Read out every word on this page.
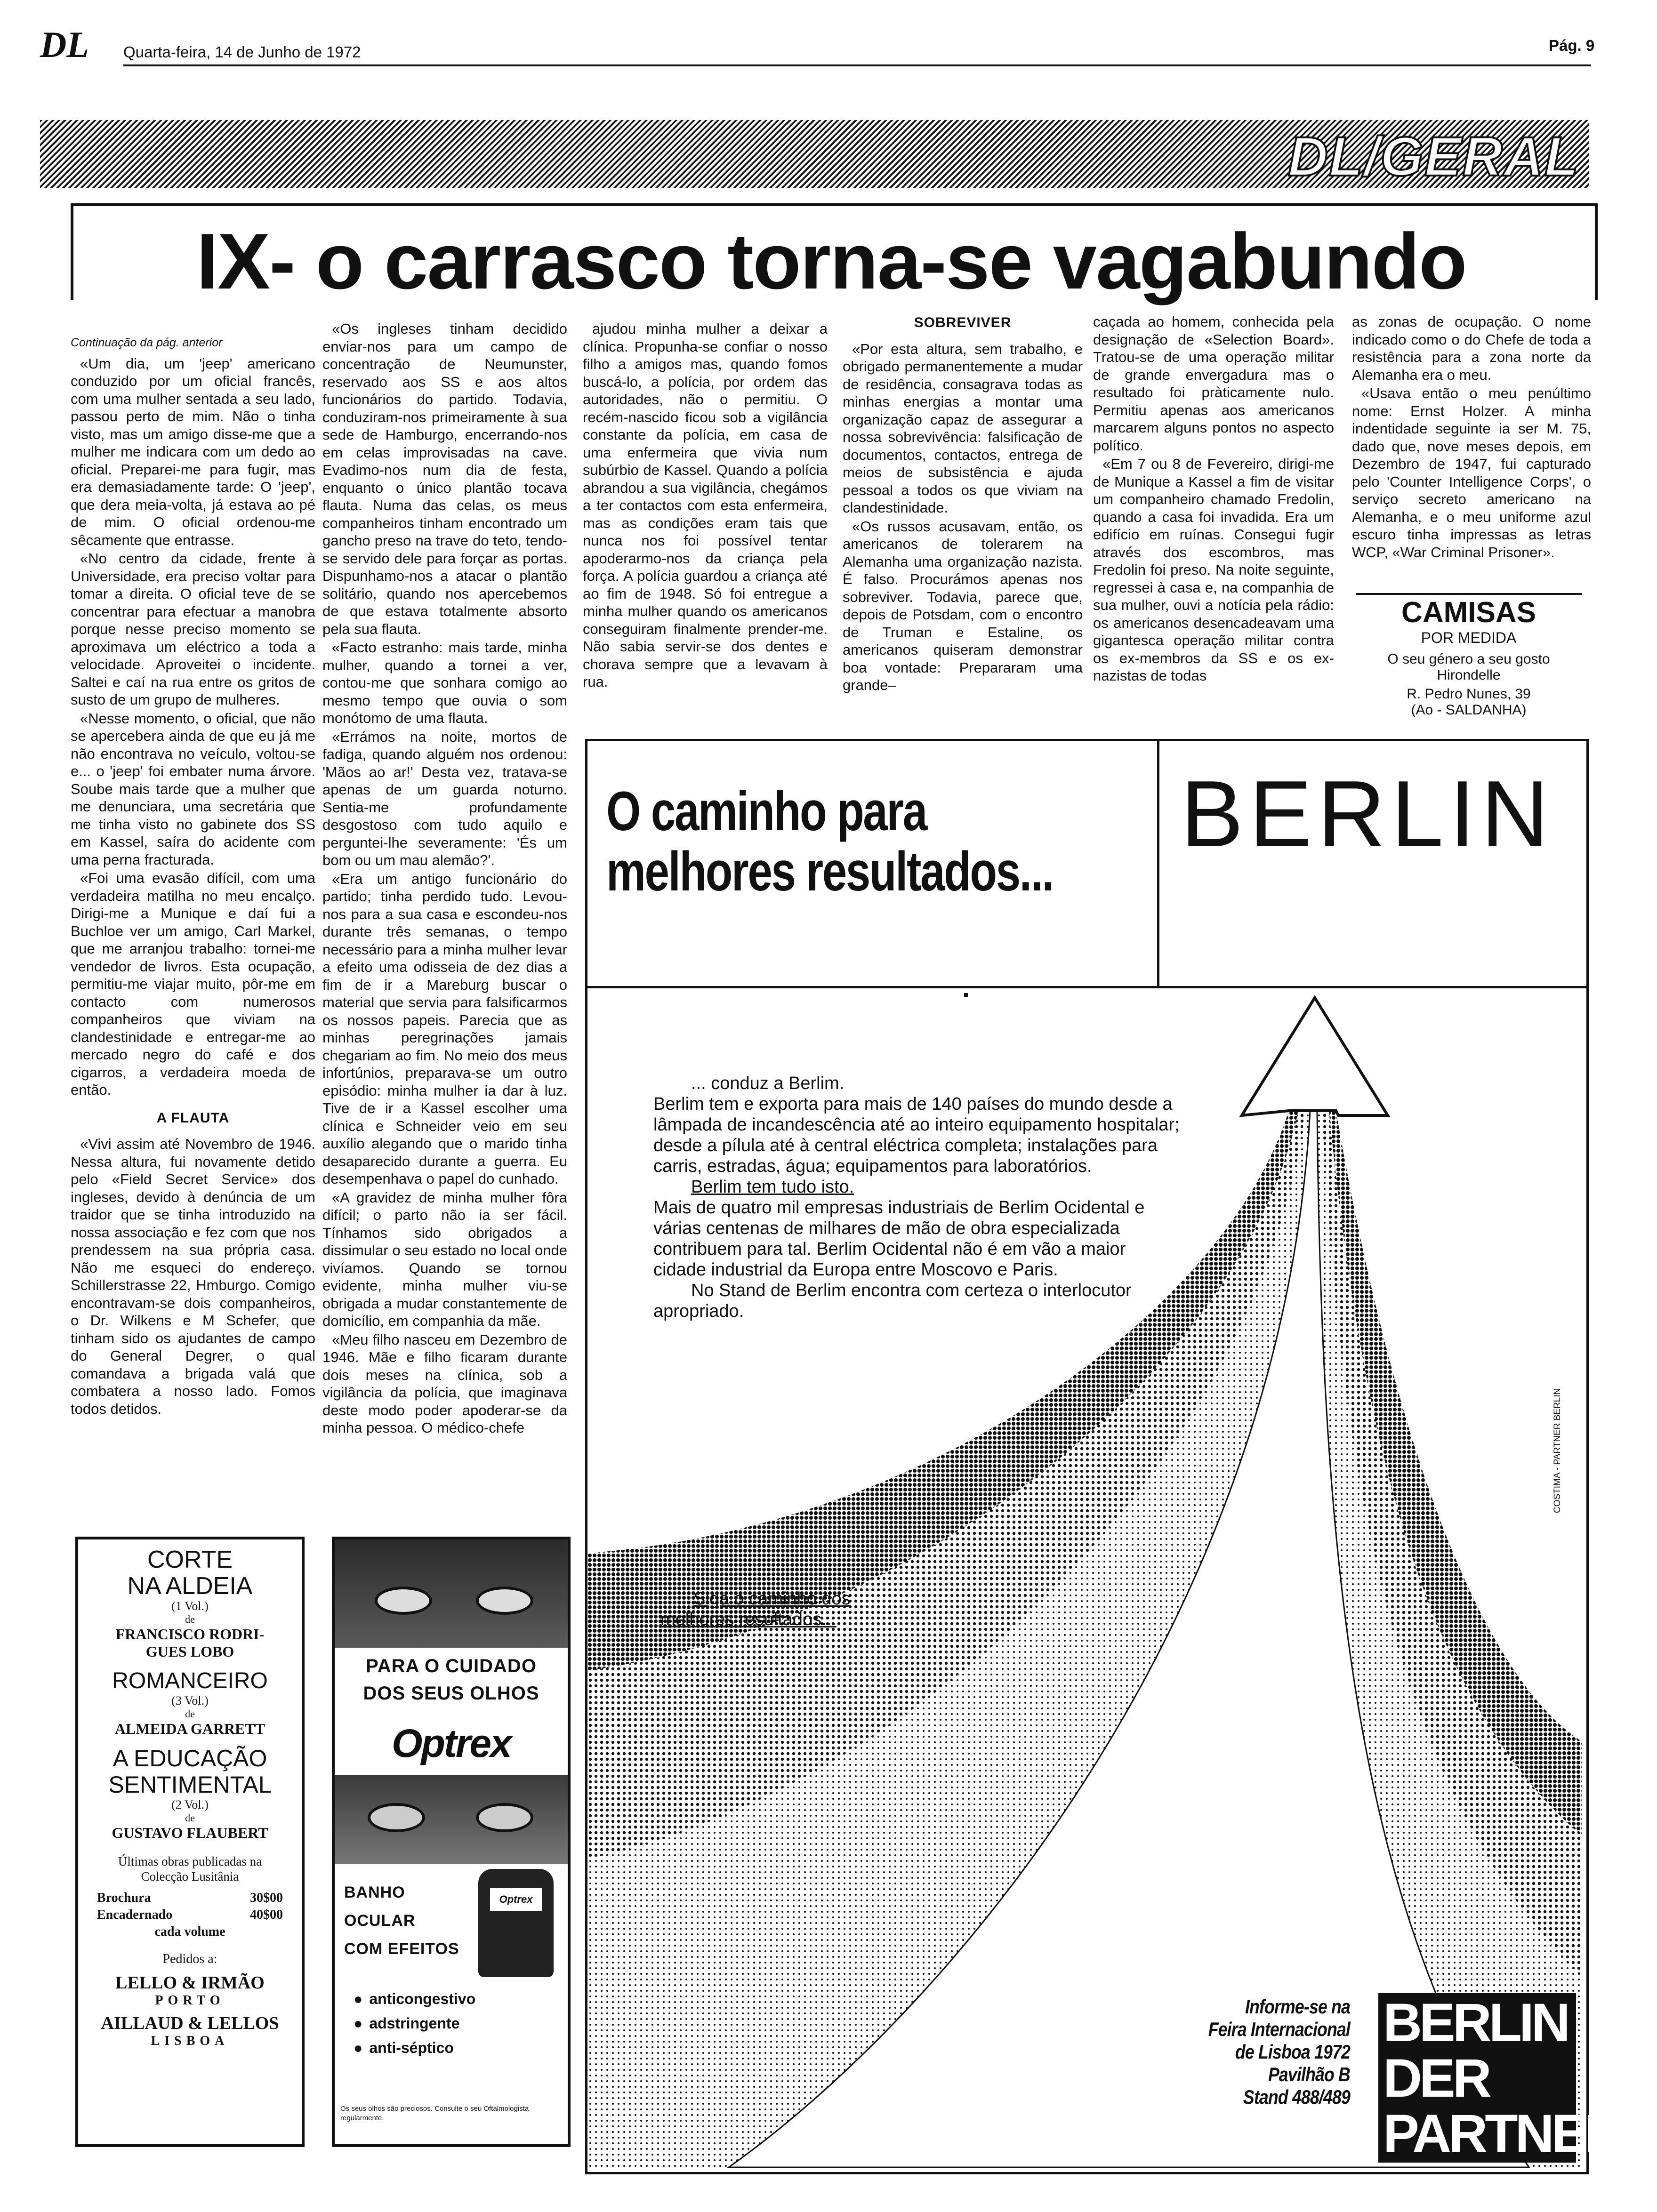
DL Quarta-feira, 14 de Junho de 1972	Pág. 9
DL/GERAL
IX- o carrasco torna-se vagabundo

Continuação da pág. anterior

«Um dia, um 'jeep' americano conduzido por um oficial francês, com uma mulher sentada a seu lado, passou perto de mim. Não o tinha visto, mas um amigo disse-me que a mulher me indicara com um dedo ao oficial. Preparei-me para fugir, mas era demasiadamente tarde: O 'jeep', que dera meia-volta, já estava ao pé de mim. O oficial ordenou-me sêcamente que entrasse.

«No centro da cidade, frente à Universidade, era preciso voltar para tomar a direita. O oficial teve de se concentrar para efectuar a manobra porque nesse preciso momento se aproximava um eléctrico a toda a velocidade. Aproveitei o incidente. Saltei e caí na rua entre os gritos de susto de um grupo de mulheres.

«Nesse momento, o oficial, que não se apercebera ainda de que eu já me não encontrava no veículo, voltou-se e... o 'jeep' foi embater numa árvore. Soube mais tarde que a mulher que me denunciara, uma secretária que me tinha visto no gabinete dos SS em Kassel, saíra do acidente com uma perna fracturada.

«Foi uma evasão difícil, com uma verdadeira matilha no meu encalço. Dirigi-me a Munique e daí fui a Buchloe ver um amigo, Carl Markel, que me arranjou trabalho: tornei-me vendedor de livros. Esta ocupação, permitiu-me viajar muito, pôr-me em contacto com numerosos companheiros que viviam na clandestinidade e entregar-me ao mercado negro do café e dos cigarros, a verdadeira moeda de então.

A FLAUTA

«Vivi assim até Novembro de 1946. Nessa altura, fui novamente detido pelo «Field Secret Service» dos ingleses, devido à denúncia de um traidor que se tinha introduzido na nossa associação e fez com que nos prendessem na sua própria casa. Não me esqueci do endereço. Schillerstrasse 22, Hmburgo. Comigo encontravam-se dois companheiros, o Dr. Wilkens e M Schefer, que tinham sido os ajudantes de campo do General Degrer, o qual comandava a brigada valá que combatera a nosso lado. Fomos todos detidos.

«Os ingleses tinham decidido enviar-nos para um campo de concentração de Neumunster, reservado aos SS e aos altos funcionários do partido. Todavia, conduziram-nos primeiramente à sua sede de Hamburgo, encerrando-nos em celas improvisadas na cave. Evadimo-nos num dia de festa, enquanto o único plantão tocava flauta. Numa das celas, os meus companheiros tinham encontrado um gancho preso na trave do teto, tendo-se servido dele para forçar as portas. Dispunhamo-nos a atacar o plantão solitário, quando nos apercebemos de que estava totalmente absorto pela sua flauta.

«Facto estranho: mais tarde, minha mulher, quando a tornei a ver, contou-me que sonhara comigo ao mesmo tempo que ouvia o som monótomo de uma flauta.

«Errámos na noite, mortos de fadiga, quando alguém nos ordenou: 'Mãos ao ar!' Desta vez, tratava-se apenas de um guarda noturno. Sentia-me profundamente desgostoso com tudo aquilo e perguntei-lhe severamente: 'És um bom ou um mau alemão?'.

«Era um antigo funcionário do partido; tinha perdido tudo. Levou-nos para a sua casa e escondeu-nos durante três semanas, o tempo necessário para a minha mulher levar a efeito uma odisseia de dez dias a fim de ir a Mareburg buscar o material que servia para falsificarmos os nossos papeis. Parecia que as minhas peregrinações jamais chegariam ao fim. No meio dos meus infortúnios, preparava-se um outro episódio: minha mulher ia dar à luz. Tive de ir a Kassel escolher uma clínica e Schneider veio em seu auxílio alegando que o marido tinha desaparecido durante a guerra. Eu desempenhava o papel do cunhado.

«A gravidez de minha mulher fôra difícil; o parto não ia ser fácil. Tínhamos sido obrigados a dissimular o seu estado no local onde vivíamos. Quando se tornou evidente, minha mulher viu-se obrigada a mudar constantemente de domicílio, em companhia da mãe.

«Meu filho nasceu em Dezembro de 1946. Mãe e filho ficaram durante dois meses na clínica, sob a vigilância da polícia, que imaginava deste modo poder apoderar-se da minha pessoa. O médico-chefe

ajudou minha mulher a deixar a clínica. Propunha-se confiar o nosso filho a amigos mas, quando fomos buscá-lo, a polícia, por ordem das autoridades, não o permitiu. O recém-nascido ficou sob a vigilância constante da polícia, em casa de uma enfermeira que vivia num subúrbio de Kassel. Quando a polícia abrandou a sua vigilância, chegámos a ter contactos com esta enfermeira, mas as condições eram tais que nunca nos foi possível tentar apoderarmo-nos da criança pela força. A polícia guardou a criança até ao fim de 1948. Só foi entregue a minha mulher quando os americanos conseguiram finalmente prender-me. Não sabia servir-se dos dentes e chorava sempre que a levavam à rua.

SOBREVIVER

«Por esta altura, sem trabalho, e obrigado permanentemente a mudar de residência, consagrava todas as minhas energias a montar uma organização capaz de assegurar a nossa sobrevivência: falsificação de documentos, contactos, entrega de meios de subsistência e ajuda pessoal a todos os que viviam na clandestinidade.

«Os russos acusavam, então, os americanos de tolerarem na Alemanha uma organização nazista. É falso. Procurámos apenas nos sobreviver. Todavia, parece que, depois de Potsdam, com o encontro de Truman e Estaline, os americanos quiseram demonstrar boa vontade: Prepararam uma grande–

caçada ao homem, conhecida pela designação de «Selection Board». Tratou-se de uma operação militar de grande envergadura mas o resultado foi pràticamente nulo. Permitiu apenas aos americanos marcarem alguns pontos no aspecto político.

«Em 7 ou 8 de Fevereiro, dirigi-me de Munique a Kassel a fim de visitar um companheiro chamado Fredolin, quando a casa foi invadida. Era um edifício em ruínas. Consegui fugir através dos escombros, mas Fredolin foi preso. Na noite seguinte, regressei à casa e, na companhia de sua mulher, ouvi a notícia pela rádio: os americanos desencadeavam uma gigantesca operação militar contra os ex-membros da SS e os ex-nazistas de todas

as zonas de ocupação. O nome indicado como o do Chefe de toda a resistência para a zona norte da Alemanha era o meu.

«Usava então o meu penúltimo nome: Ernst Holzer. A minha indentidade seguinte ia ser M. 75, dado que, nove meses depois, em Dezembro de 1947, fui capturado pelo 'Counter Intelligence Corps', o serviço secreto americano na Alemanha, e o meu uniforme azul escuro tinha impressas as letras WCP, «War Criminal Prisoner».

CAMISAS
POR MEDIDA
O seu género a seu gosto
Hirondelle
R. Pedro Nunes, 39
(Ao - SALDANHA)
O caminho para
melhores resultados...
BERLIN
... conduz a Berlim.
Berlim tem e exporta para mais de 140 países do mundo desde a lâmpada de incandescência até ao inteiro equipamento hospitalar; desde a pílula até à central eléctrica completa; instalações para carris, estradas, água; equipamentos para laboratórios.
Berlim tem tudo isto.
Mais de quatro mil empresas industriais de Berlim Ocidental e várias centenas de milhares de mão de obra especializada contribuem para tal. Berlim Ocidental não é em vão a maior cidade industrial da Europa entre Moscovo e Paris.
No Stand de Berlim encontra com certeza o interlocutor apropriado.
Siga o caminho dos
melhores resultados...
COSTIMA - PARTNER BERLIN
Informe-se na
Feira Internacional
de Lisboa 1972
Pavilhão B
Stand 488/489
BERLIN
DER
PARTNER
CORTE
NA ALDEIA
(1 Vol.)
de
FRANCISCO RODRI-
GUES LOBO
ROMANCEIRO
(3 Vol.)
de
ALMEIDA GARRETT
A EDUCAÇÃO
SENTIMENTAL
(2 Vol.)
de
GUSTAVO FLAUBERT
Últimas obras publicadas na
Colecção Lusitânia
Brochura	30$00
Encadernado	40$00
cada volume
Pedidos a:
LELLO & IRMÃO
PORTO
AILLAUD & LELLOS
LISBOA
PARA O CUIDADO
DOS SEUS OLHOS
Optrex
BANHO
OCULAR
COM EFEITOS
Optrex
● anticongestivo
● adstringente
● anti-séptico
Os seus olhos são preciosos. Consulte o seu Oftalmologista regularmente.
